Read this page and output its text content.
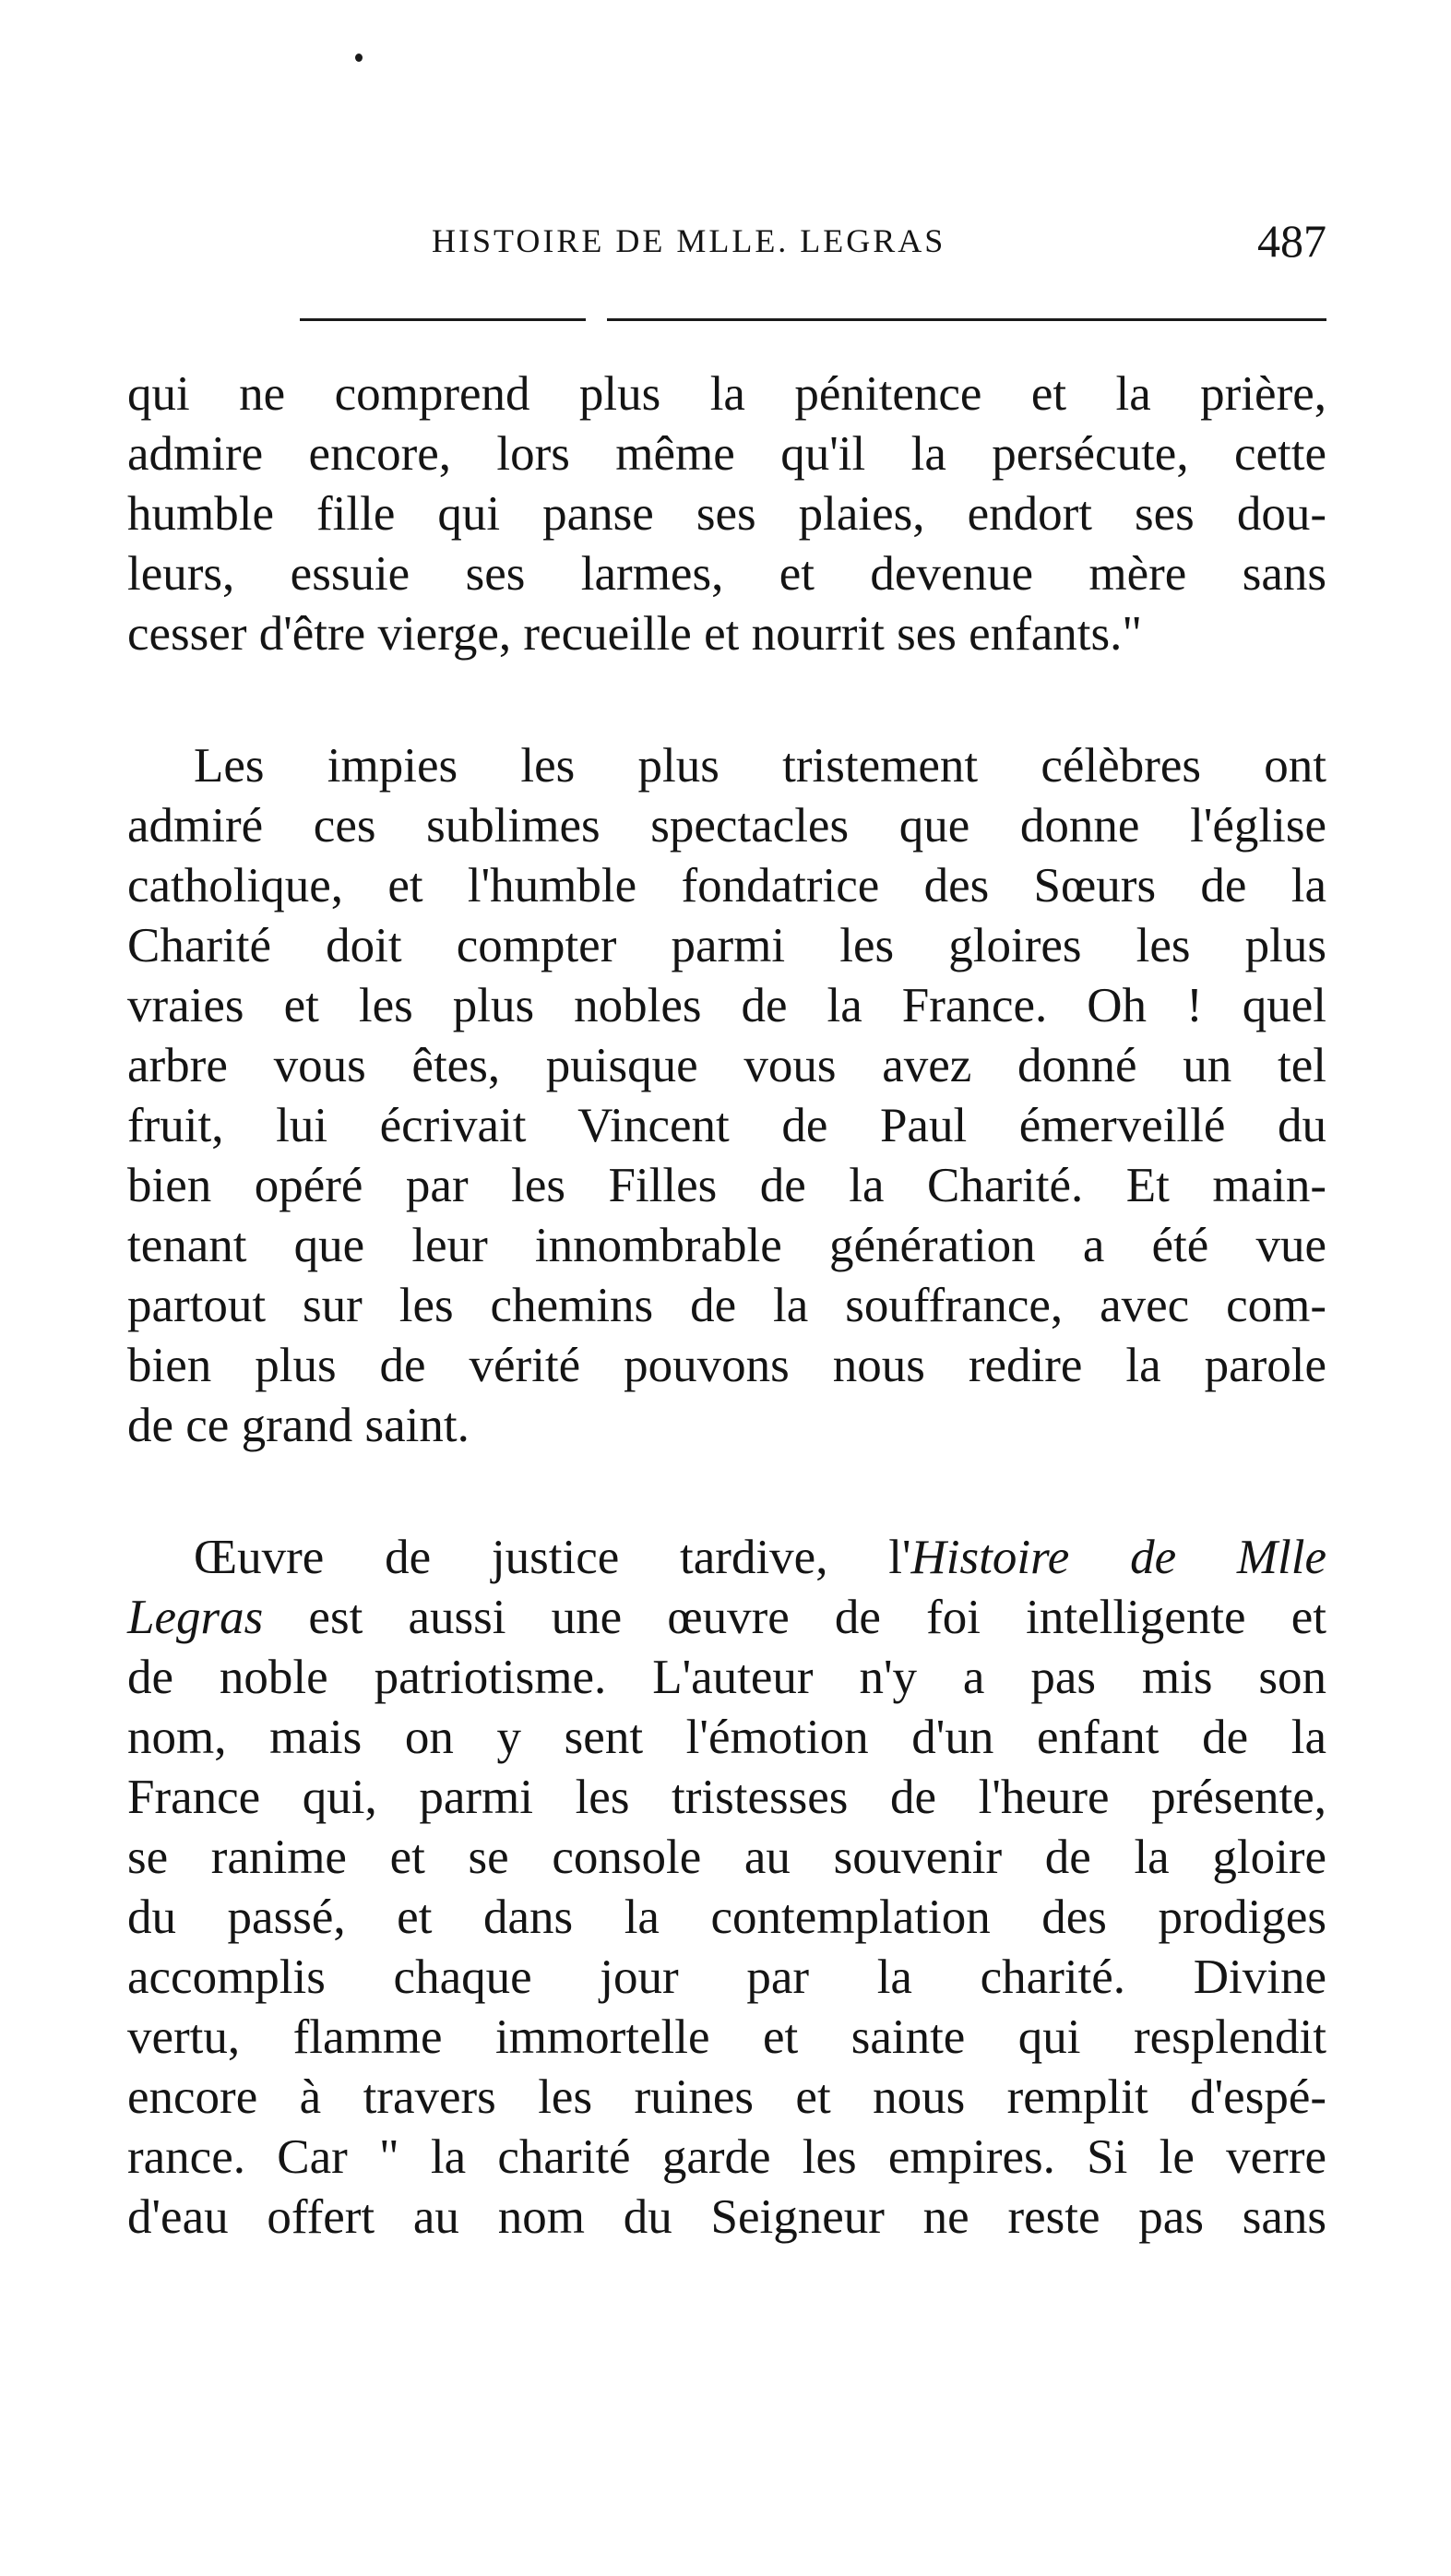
HISTOIRE DE MLLE. LEGRAS	487
qui ne comprend plus la pénitence et la prière,
admire encore, lors même qu'il la persécute, cette
humble fille qui panse ses plaies, endort ses dou-
leurs, essuie ses larmes, et devenue mère sans
cesser d'être vierge, recueille et nourrit ses enfants."
Les impies les plus tristement célèbres ont
admiré ces sublimes spectacles que donne l'église
catholique, et l'humble fondatrice des Sœurs de la
Charité doit compter parmi les gloires les plus
vraies et les plus nobles de la France. Oh ! quel
arbre vous êtes, puisque vous avez donné un tel
fruit, lui écrivait Vincent de Paul émerveillé du
bien opéré par les Filles de la Charité. Et main-
tenant que leur innombrable génération a été vue
partout sur les chemins de la souffrance, avec com-
bien plus de vérité pouvons nous redire la parole
de ce grand saint.
Œuvre de justice tardive, l'Histoire de Mlle
Legras est aussi une œuvre de foi intelligente et
de noble patriotisme. L'auteur n'y a pas mis son
nom, mais on y sent l'émotion d'un enfant de la
France qui, parmi les tristesses de l'heure présente,
se ranime et se console au souvenir de la gloire
du passé, et dans la contemplation des prodiges
accomplis chaque jour par la charité. Divine
vertu, flamme immortelle et sainte qui resplendit
encore à travers les ruines et nous remplit d'espé-
rance. Car " la charité garde les empires. Si le verre
d'eau offert au nom du Seigneur ne reste pas sans
